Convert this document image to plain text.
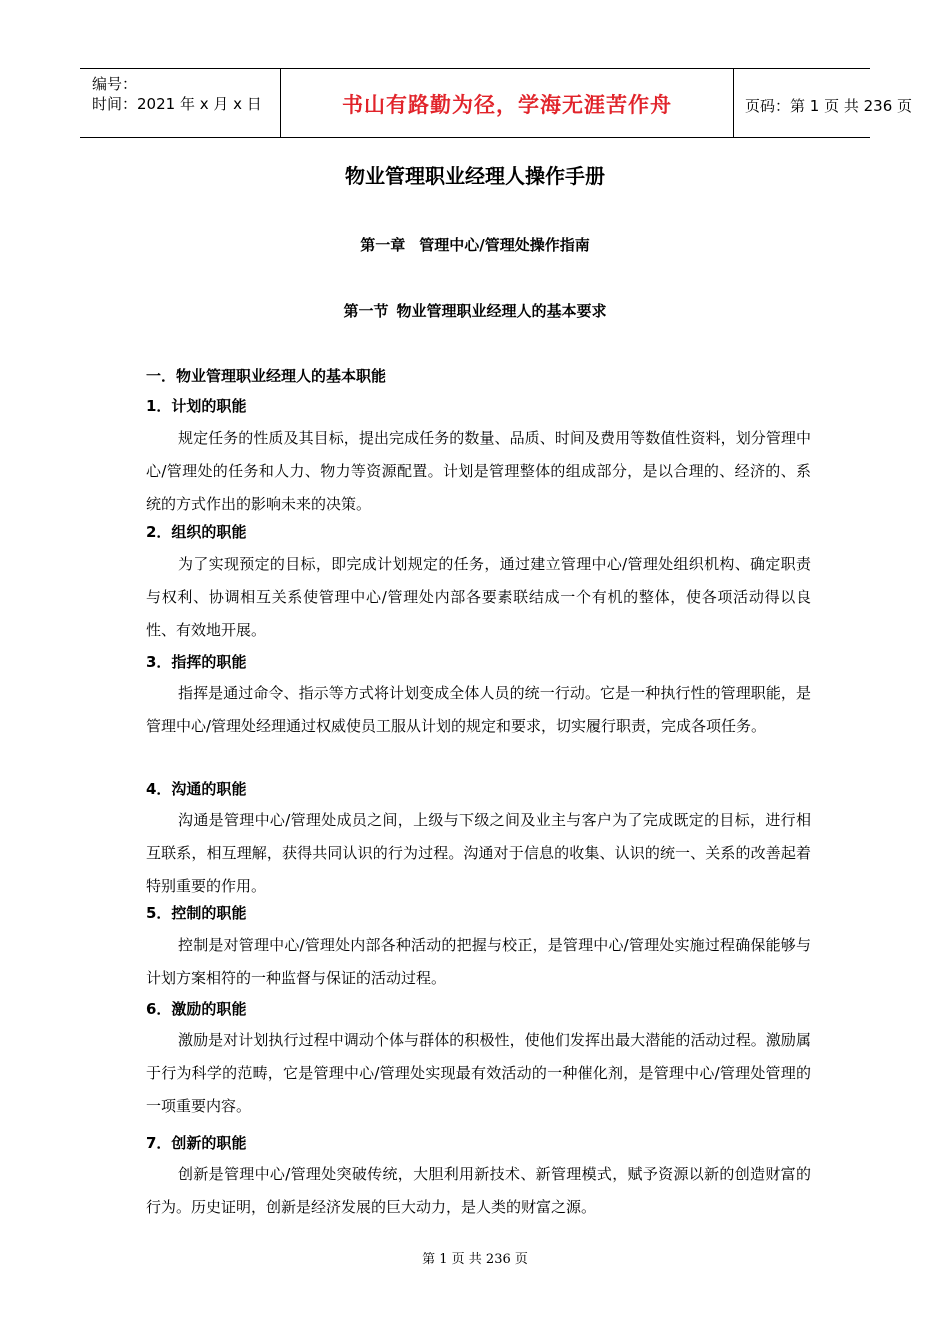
编号：
时间：2021 年 x 月 x 日	书山有路勤为径，学海无涯苦作舟	页码：第 1 页 共 236 页
物业管理职业经理人操作手册
第一章 管理中心/管理处操作指南
第一节 物业管理职业经理人的基本要求
一．物业管理职业经理人的基本职能
1．计划的职能

规定任务的性质及其目标，提出完成任务的数量、品质、时间及费用等数值性资料，划分管理中心/管理处的任务和人力、物力等资源配置。计划是管理整体的组成部分，是以合理的、经济的、系统的方式作出的影响未来的决策。

2．组织的职能

为了实现预定的目标，即完成计划规定的任务，通过建立管理中心/管理处组织机构、确定职责与权利、协调相互关系使管理中心/管理处内部各要素联结成一个有机的整体，使各项活动得以良性、有效地开展。

3．指挥的职能

指挥是通过命令、指示等方式将计划变成全体人员的统一行动。它是一种执行性的管理职能，是管理中心/管理处经理通过权威使员工服从计划的规定和要求，切实履行职责，完成各项任务。

4．沟通的职能

沟通是管理中心/管理处成员之间，上级与下级之间及业主与客户为了完成既定的目标，进行相互联系，相互理解，获得共同认识的行为过程。沟通对于信息的收集、认识的统一、关系的改善起着特别重要的作用。

5．控制的职能

控制是对管理中心/管理处内部各种活动的把握与校正，是管理中心/管理处实施过程确保能够与计划方案相符的一种监督与保证的活动过程。

6．激励的职能

激励是对计划执行过程中调动个体与群体的积极性，使他们发挥出最大潜能的活动过程。激励属于行为科学的范畴，它是管理中心/管理处实现最有效活动的一种催化剂，是管理中心/管理处管理的一项重要内容。

7．创新的职能

创新是管理中心/管理处突破传统，大胆利用新技术、新管理模式，赋予资源以新的创造财富的行为。历史证明，创新是经济发展的巨大动力，是人类的财富之源。

第 1 页 共 236 页
